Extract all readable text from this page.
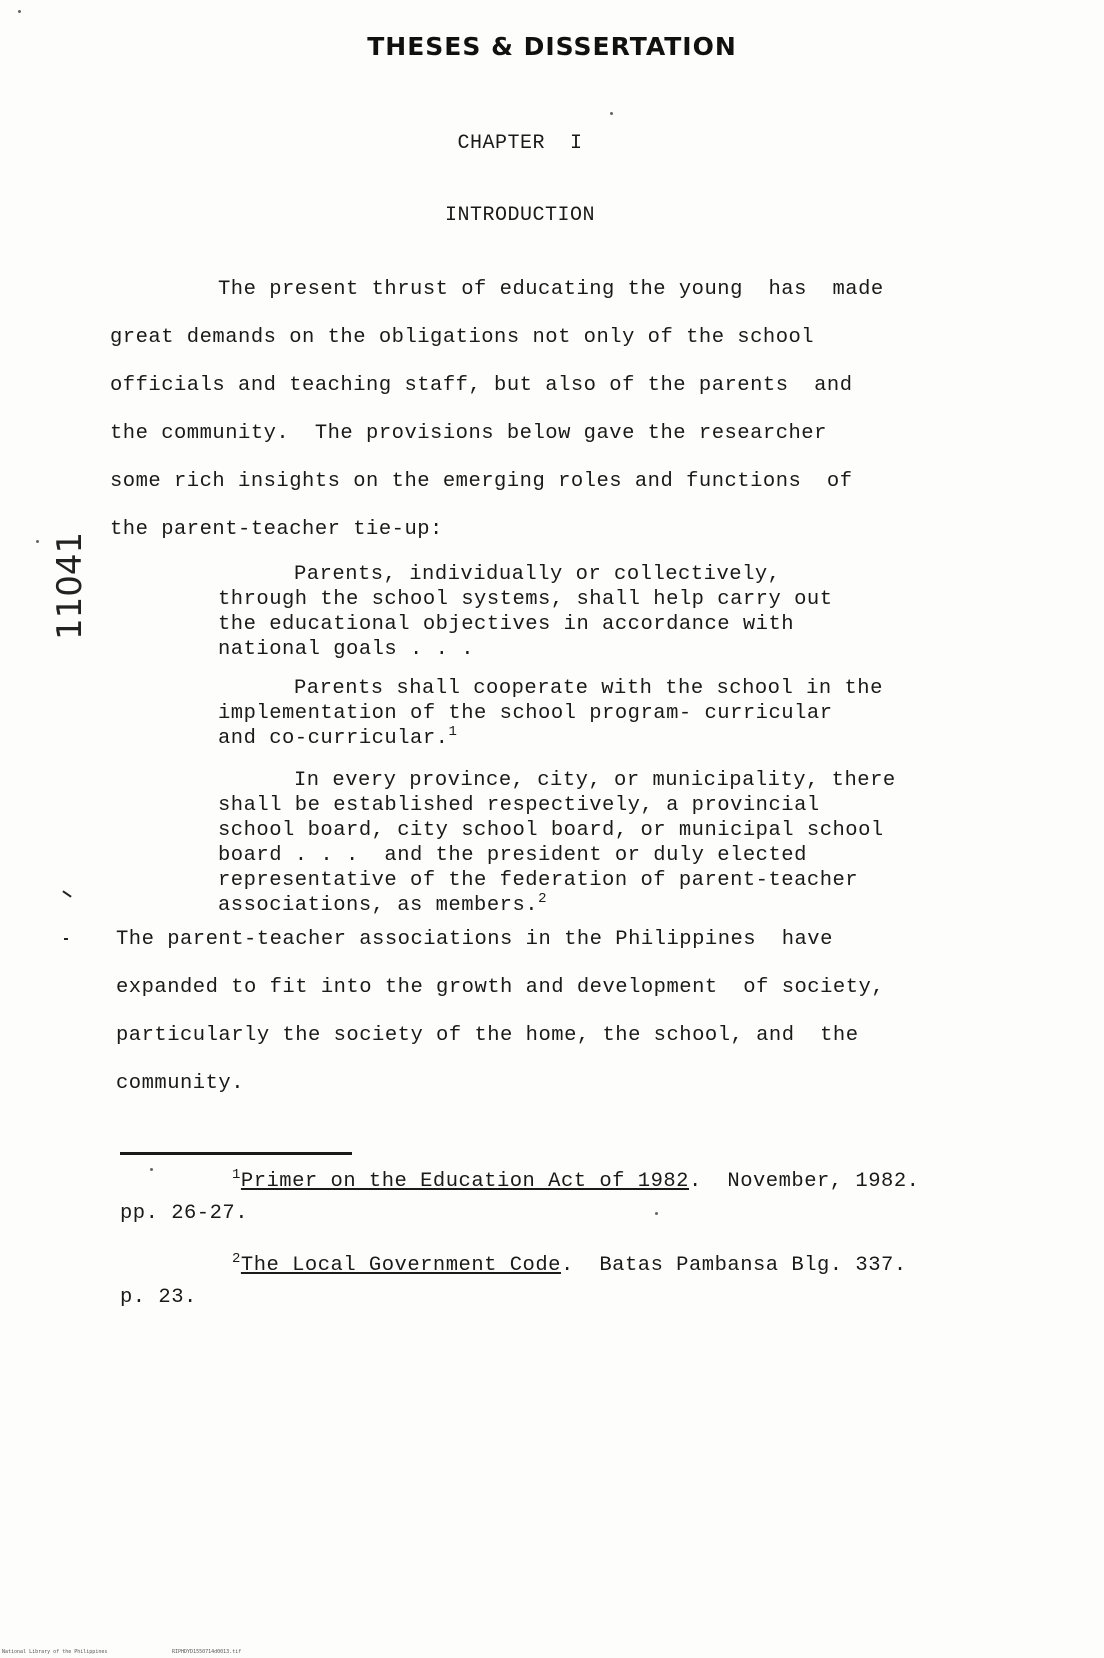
THESES & DISSERTATION
CHAPTER  I
INTRODUCTION
The present thrust of educating the young  has  made
great demands on the obligations not only of the school
officials and teaching staff, but also of the parents  and
the community.  The provisions below gave the researcher
some rich insights on the emerging roles and functions  of
the parent-teacher tie-up:
Parents, individually or collectively,
through the school systems, shall help carry out
the educational objectives in accordance with
national goals . . .
Parents shall cooperate with the school in the
implementation of the school program- curricular
and co-curricular.$^1$
In every province, city, or municipality, there
shall be established respectively, a provincial
school board, city school board, or municipal school
board . . .  and the president or duly elected
representative of the federation of parent-teacher
associations, as members.$^2$
The parent-teacher associations in the Philippines  have
expanded to fit into the growth and development  of society,
particularly the society of the home, the school, and  the
community.
$^1$Primer on the Education Act of 1982.  November, 1982.
pp. 26-27.
$^2$The Local Government Code.  Batas Pambansa Blg. 337.
p. 23.
11041
National Library of the Philippines	RIPHDYD1550714d0013.tif
